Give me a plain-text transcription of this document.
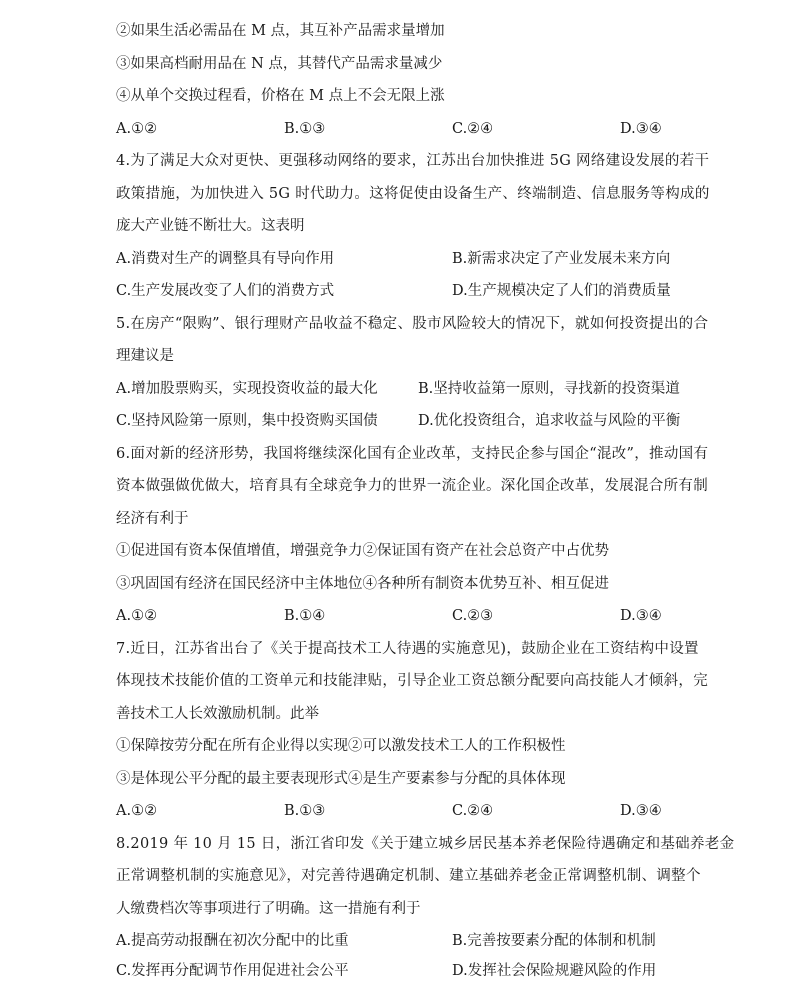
②如果生活必需品在 M 点，其互补产品需求量增加
③如果高档耐用品在 N 点，其替代产品需求量减少
④从单个交换过程看，价格在 M 点上不会无限上涨
A.①②	B.①③	C.②④	D.③④
4.为了满足大众对更快、更强移动网络的要求，江苏出台加快推进 5G 网络建设发展的若干
政策措施，为加快进入 5G 时代助力。这将促使由设备生产、终端制造、信息服务等构成的
庞大产业链不断壮大。这表明
A.消费对生产的调整具有导向作用	B.新需求决定了产业发展未来方向
C.生产发展改变了人们的消费方式	D.生产规模决定了人们的消费质量
5.在房产“限购”、银行理财产品收益不稳定、股市风险较大的情况下，就如何投资提出的合
理建议是
A.增加股票购买，实现投资收益的最大化	B.坚持收益第一原则，寻找新的投资渠道
C.坚持风险第一原则，集中投资购买国债	D.优化投资组合，追求收益与风险的平衡
6.面对新的经济形势，我国将继续深化国有企业改革，支持民企参与国企“混改”，推动国有
资本做强做优做大，培育具有全球竞争力的世界一流企业。深化国企改革，发展混合所有制
经济有利于
①促进国有资本保值增值，增强竞争力②保证国有资产在社会总资产中占优势
③巩固国有经济在国民经济中主体地位④各种所有制资本优势互补、相互促进
A.①②	B.①④	C.②③	D.③④
7.近日，江苏省出台了《关于提高技术工人待遇的实施意见)，鼓励企业在工资结构中设置
体现技术技能价值的工资单元和技能津贴，引导企业工资总额分配要向高技能人才倾斜，完
善技术工人长效激励机制。此举
①保障按劳分配在所有企业得以实现②可以激发技术工人的工作积极性
③是体现公平分配的最主要表现形式④是生产要素参与分配的具体体现
A.①②	B.①③	C.②④	D.③④
8.2019 年 10 月 15 日，浙江省印发《关于建立城乡居民基本养老保险待遇确定和基础养老金
正常调整机制的实施意见》，对完善待遇确定机制、建立基础养老金正常调整机制、调整个
人缴费档次等事项进行了明确。这一措施有利于
A.提高劳动报酬在初次分配中的比重	B.完善按要素分配的体制和机制
C.发挥再分配调节作用促进社会公平	D.发挥社会保险规避风险的作用
